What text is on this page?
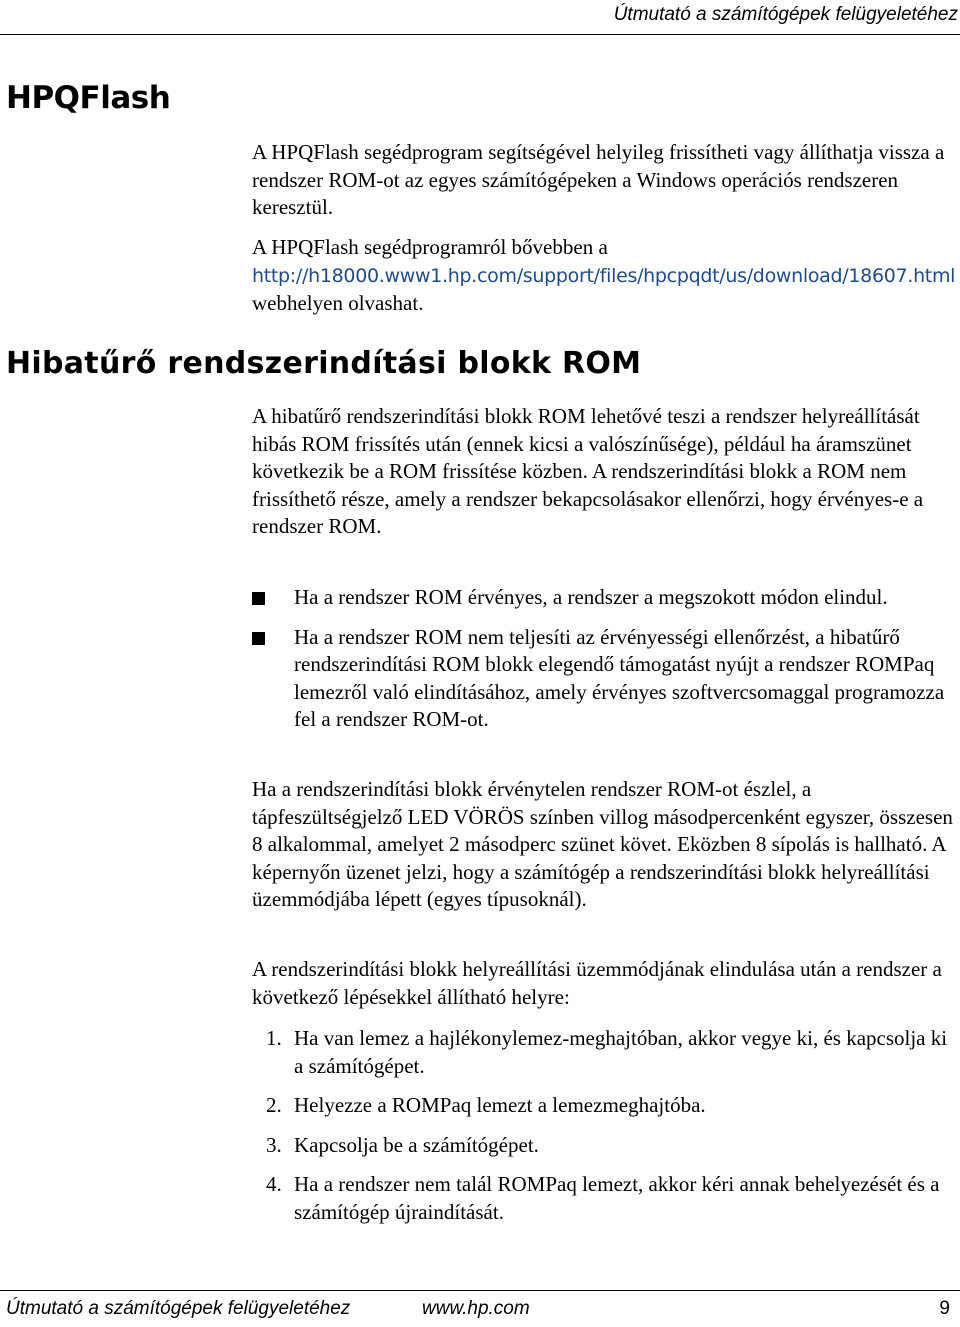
Útmutató a számítógépek felügyeletéhez
HPQFlash

A HPQFlash segédprogram segítségével helyileg frissítheti vagy állíthatja vissza a rendszer ROM-ot az egyes számítógépeken a Windows operációs rendszeren keresztül.

A HPQFlash segédprogramról bővebben a http://h18000.www1.hp.com/support/files/hpcpqdt/us/download/18607.html webhelyen olvashat.

Hibatűrő rendszerindítási blokk ROM

A hibatűrő rendszerindítási blokk ROM lehetővé teszi a rendszer helyreállítását hibás ROM frissítés után (ennek kicsi a valószínűsége), például ha áramszünet következik be a ROM frissítése közben. A rendszerindítási blokk a ROM nem frissíthető része, amely a rendszer bekapcsolásakor ellenőrzi, hogy érvényes-e a rendszer ROM.

Ha a rendszer ROM érvényes, a rendszer a megszokott módon elindul.
Ha a rendszer ROM nem teljesíti az érvényességi ellenőrzést, a hibatűrő rendszerindítási ROM blokk elegendő támogatást nyújt a rendszer ROMPaq lemezről való elindításához, amely érvényes szoftvercsomaggal programozza fel a rendszer ROM-ot.

Ha a rendszerindítási blokk érvénytelen rendszer ROM-ot észlel, a tápfeszültségjelző LED VÖRÖS színben villog másodpercenként egyszer, összesen 8 alkalommal, amelyet 2 másodperc szünet követ. Eközben 8 sípolás is hallható. A képernyőn üzenet jelzi, hogy a számítógép a rendszerindítási blokk helyreállítási üzemmódjába lépett (egyes típusoknál).

A rendszerindítási blokk helyreállítási üzemmódjának elindulása után a rendszer a következő lépésekkel állítható helyre:

1. Ha van lemez a hajlékonylemez-meghajtóban, akkor vegye ki, és kapcsolja ki a számítógépet.
2. Helyezze a ROMPaq lemezt a lemezmeghajtóba.
3. Kapcsolja be a számítógépet.
4. Ha a rendszer nem talál ROMPaq lemezt, akkor kéri annak behelyezését és a számítógép újraindítását.
Útmutató a számítógépek felügyeletéhez	www.hp.com	9
